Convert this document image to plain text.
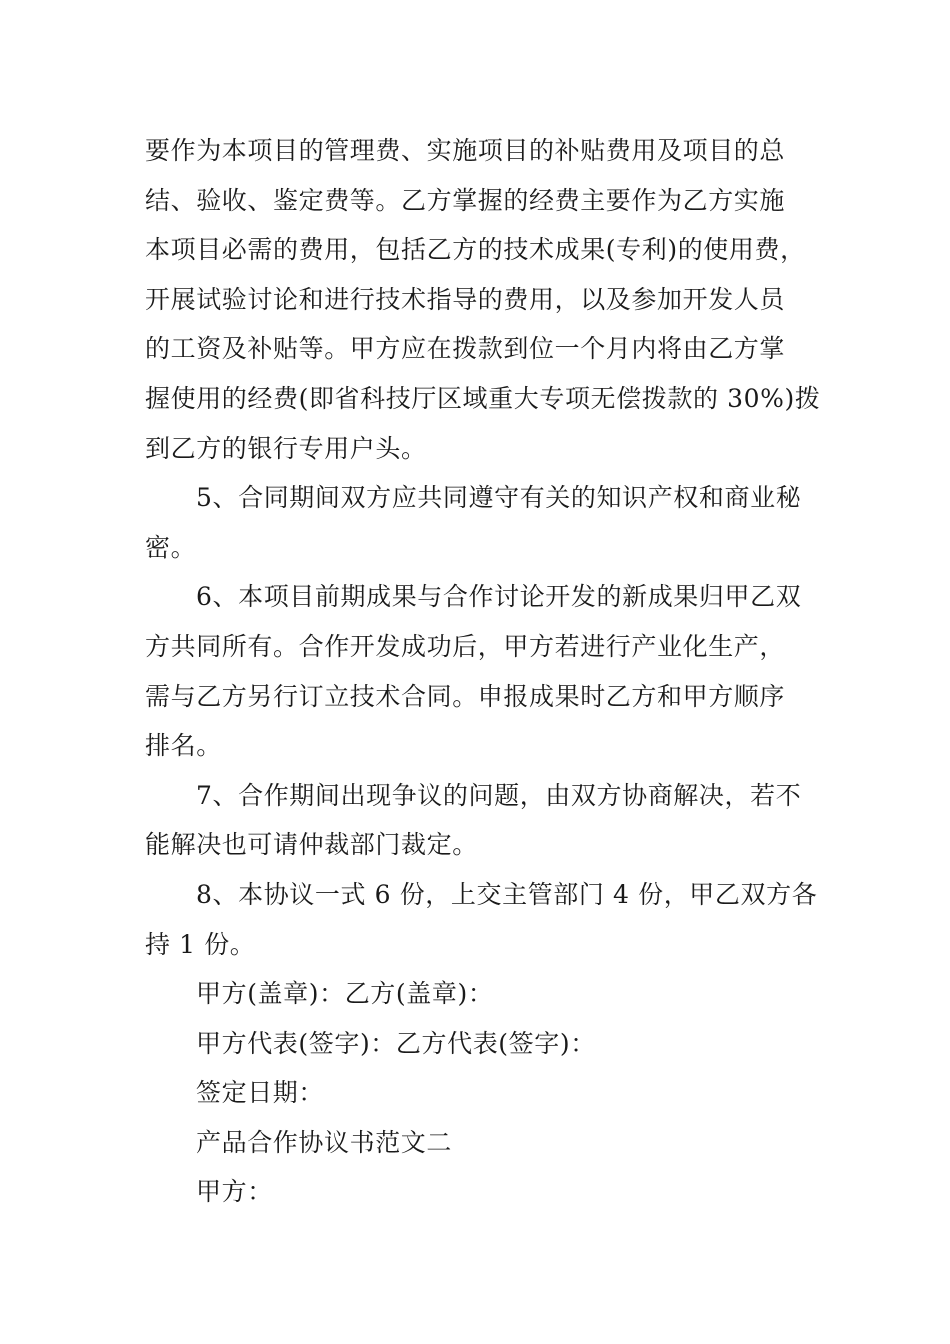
要作为本项目的管理费、实施项目的补贴费用及项目的总
结、验收、鉴定费等。乙方掌握的经费主要作为乙方实施
本项目必需的费用，包括乙方的技术成果(专利)的使用费，
开展试验讨论和进行技术指导的费用，以及参加开发人员
的工资及补贴等。甲方应在拨款到位一个月内将由乙方掌
握使用的经费(即省科技厅区域重大专项无偿拨款的 30%)拨
到乙方的银行专用户头。
5、合同期间双方应共同遵守有关的知识产权和商业秘
密。
6、本项目前期成果与合作讨论开发的新成果归甲乙双
方共同所有。合作开发成功后，甲方若进行产业化生产，
需与乙方另行订立技术合同。申报成果时乙方和甲方顺序
排名。
7、合作期间出现争议的问题，由双方协商解决，若不
能解决也可请仲裁部门裁定。
8、本协议一式 6 份，上交主管部门 4 份，甲乙双方各
持 1 份。
甲方(盖章)：乙方(盖章)：
甲方代表(签字)：乙方代表(签字)：
签定日期：
产品合作协议书范文二
甲方：
